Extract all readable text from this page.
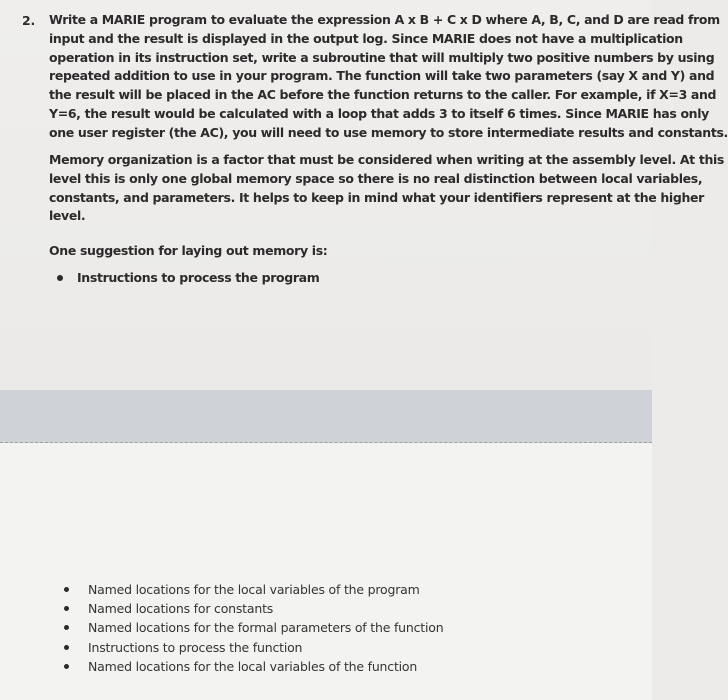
2. Write a MARIE program to evaluate the expression A x B + C x D where A, B, C, and D are read from
input and the result is displayed in the output log. Since MARIE does not have a multiplication
operation in its instruction set, write a subroutine that will multiply two positive numbers by using
repeated addition to use in your program. The function will take two parameters (say X and Y) and
the result will be placed in the AC before the function returns to the caller. For example, if X=3 and
Y=6, the result would be calculated with a loop that adds 3 to itself 6 times. Since MARIE has only
one user register (the AC), you will need to use memory to store intermediate results and constants.

Memory organization is a factor that must be considered when writing at the assembly level. At this
level this is only one global memory space so there is no real distinction between local variables,
constants, and parameters. It helps to keep in mind what your identifiers represent at the higher
level.

One suggestion for laying out memory is:

Instructions to process the program
Named locations for the local variables of the program
Named locations for constants
Named locations for the formal parameters of the function
Instructions to process the function
Named locations for the local variables of the function
